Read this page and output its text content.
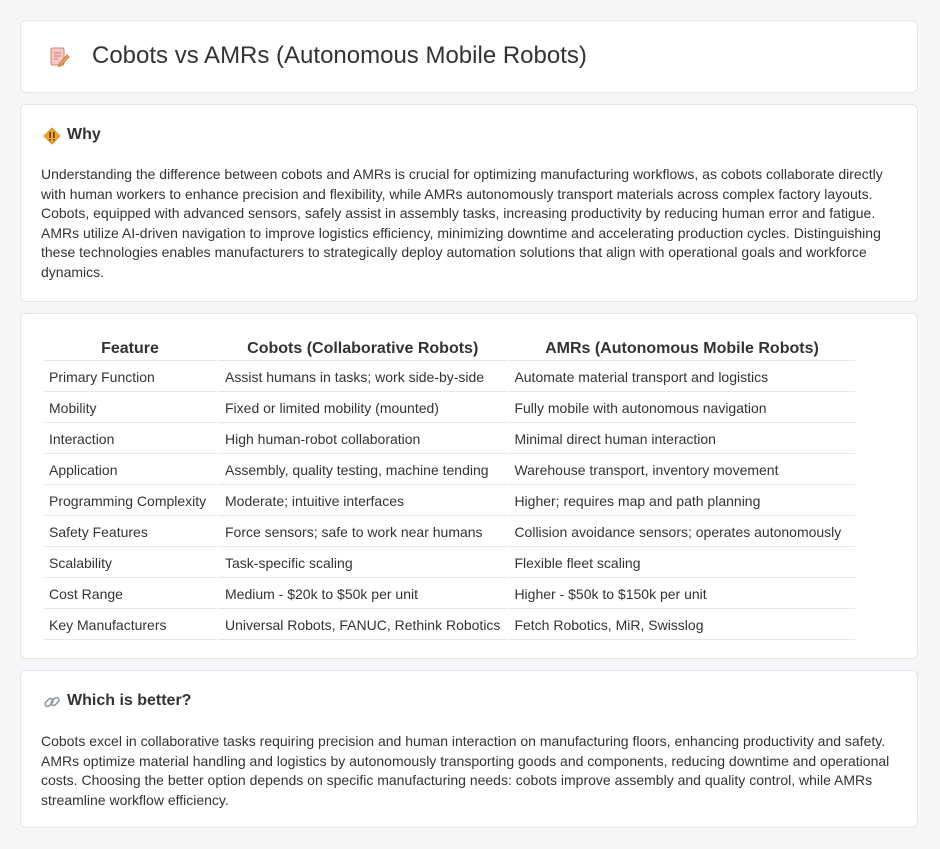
Cobots vs AMRs (Autonomous Mobile Robots)
Why

Understanding the difference between cobots and AMRs is crucial for optimizing manufacturing workflows, as cobots collaborate directly with human workers to enhance precision and flexibility, while AMRs autonomously transport materials across complex factory layouts. Cobots, equipped with advanced sensors, safely assist in assembly tasks, increasing productivity by reducing human error and fatigue. AMRs utilize AI-driven navigation to improve logistics efficiency, minimizing downtime and accelerating production cycles. Distinguishing these technologies enables manufacturers to strategically deploy automation solutions that align with operational goals and workforce dynamics.

Feature	Cobots (Collaborative Robots)	AMRs (Autonomous Mobile Robots)
Primary Function	Assist humans in tasks; work side-by-side	Automate material transport and logistics
Mobility	Fixed or limited mobility (mounted)	Fully mobile with autonomous navigation
Interaction	High human-robot collaboration	Minimal direct human interaction
Application	Assembly, quality testing, machine tending	Warehouse transport, inventory movement
Programming Complexity	Moderate; intuitive interfaces	Higher; requires map and path planning
Safety Features	Force sensors; safe to work near humans	Collision avoidance sensors; operates autonomously
Scalability	Task-specific scaling	Flexible fleet scaling
Cost Range	Medium - $20k to $50k per unit	Higher - $50k to $150k per unit
Key Manufacturers	Universal Robots, FANUC, Rethink Robotics	Fetch Robotics, MiR, Swisslog
Which is better?

Cobots excel in collaborative tasks requiring precision and human interaction on manufacturing floors, enhancing productivity and safety. AMRs optimize material handling and logistics by autonomously transporting goods and components, reducing downtime and operational costs. Choosing the better option depends on specific manufacturing needs: cobots improve assembly and quality control, while AMRs streamline workflow efficiency.
